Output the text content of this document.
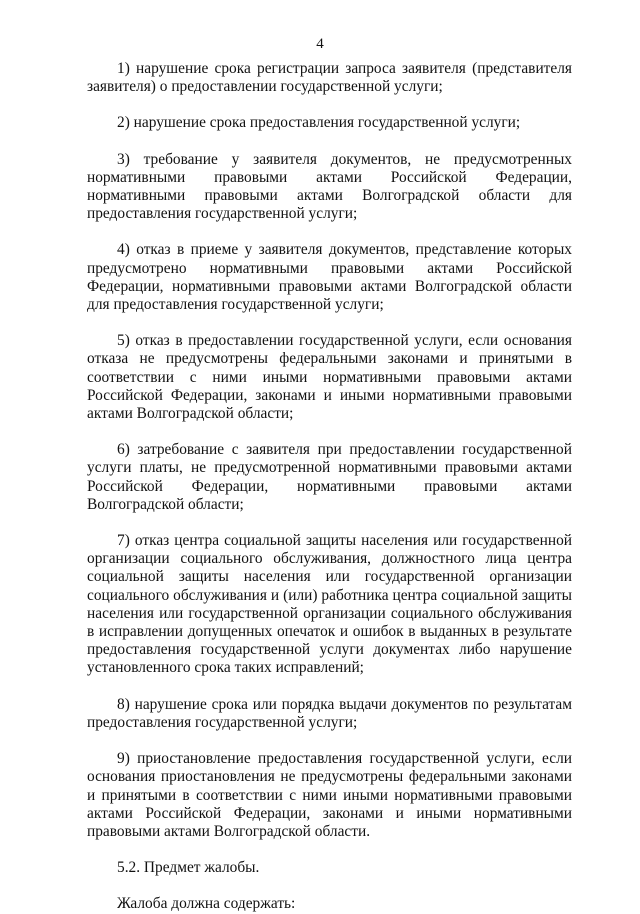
4

1) нарушение срока регистрации запроса заявителя (представителя заявителя) о предоставлении государственной услуги;

2) нарушение срока предоставления государственной услуги;

3) требование у заявителя документов, не предусмотренных нормативными правовыми актами Российской Федерации, нормативными правовыми актами Волгоградской области для предоставления государственной услуги;

4) отказ в приеме у заявителя документов, представление которых предусмотрено нормативными правовыми актами Российской Федерации, нормативными правовыми актами Волгоградской области для предоставления государственной услуги;

5) отказ в предоставлении государственной услуги, если основания отказа не предусмотрены федеральными законами и принятыми в соответствии с ними иными нормативными правовыми актами Российской Федерации, законами и иными нормативными правовыми актами Волгоградской области;

6) затребование с заявителя при предоставлении государственной услуги платы, не предусмотренной нормативными правовыми актами Российской Федерации, нормативными правовыми актами Волгоградской области;

7) отказ центра социальной защиты населения или государственной организации социального обслуживания, должностного лица центра социальной защиты населения или государственной организации социального обслуживания и (или) работника центра социальной защиты населения или государственной организации социального обслуживания в исправлении допущенных опечаток и ошибок в выданных в результате предоставления государственной услуги документах либо нарушение установленного срока таких исправлений;

8) нарушение срока или порядка выдачи документов по результатам предоставления государственной услуги;

9) приостановление предоставления государственной услуги, если основания приостановления не предусмотрены федеральными законами и принятыми в соответствии с ними иными нормативными правовыми актами Российской Федерации, законами и иными нормативными правовыми актами Волгоградской области.

5.2. Предмет жалобы.

Жалоба должна содержать:
